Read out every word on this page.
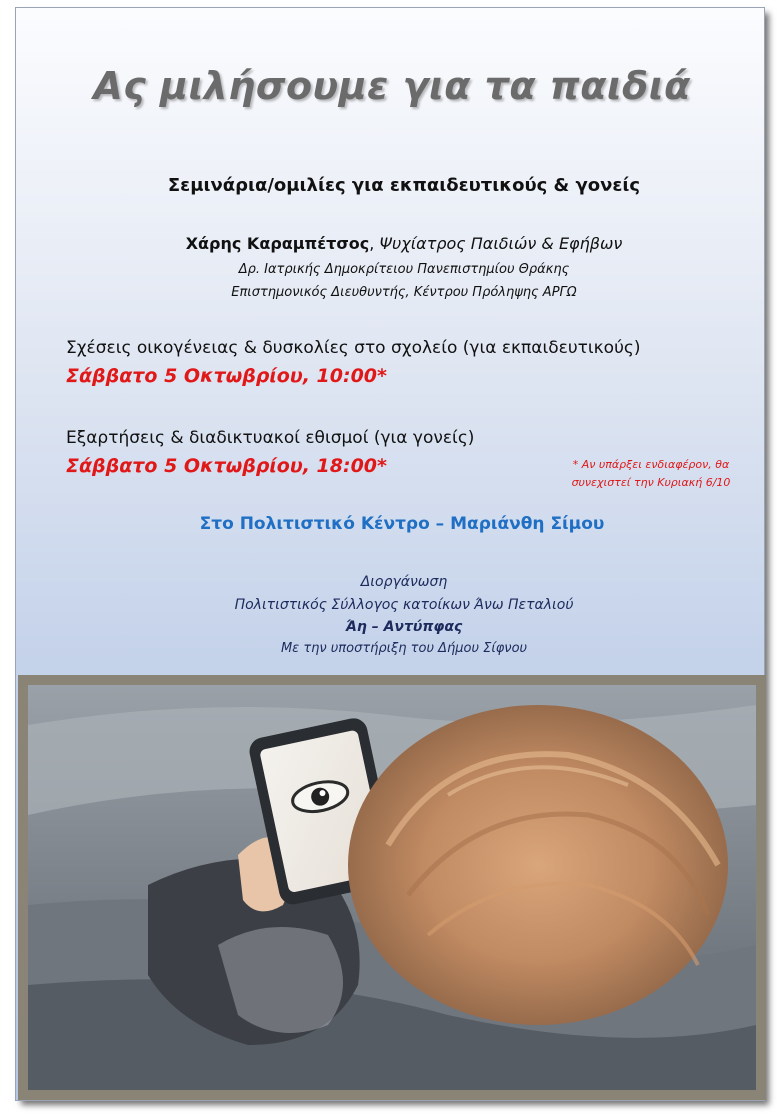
Ας μιλήσουμε για τα παιδιά
Σεμινάρια/ομιλίες για εκπαιδευτικούς & γονείς
Χάρης Καραμπέτσος, Ψυχίατρος Παιδιών & Εφήβων
Δρ. Ιατρικής Δημοκρίτειου Πανεπιστημίου Θράκης
Επιστημονικός Διευθυντής, Κέντρου Πρόληψης ΑΡΓΩ
Σχέσεις οικογένειας & δυσκολίες στο σχολείο (για εκπαιδευτικούς)
Σάββατο 5 Οκτωβρίου, 10:00*
Εξαρτήσεις & διαδικτυακοί εθισμοί (για γονείς)
Σάββατο 5 Οκτωβρίου, 18:00*	* Αν υπάρξει ενδιαφέρον, θα
συνεχιστεί την Κυριακή 6/10
Στο Πολιτιστικό Κέντρο – Μαριάνθη Σίμου
Διοργάνωση
Πολιτιστικός Σύλλογος κατοίκων Άνω Πεταλιού
Άη – Αντύπφας
Με την υποστήριξη του Δήμου Σίφνου
